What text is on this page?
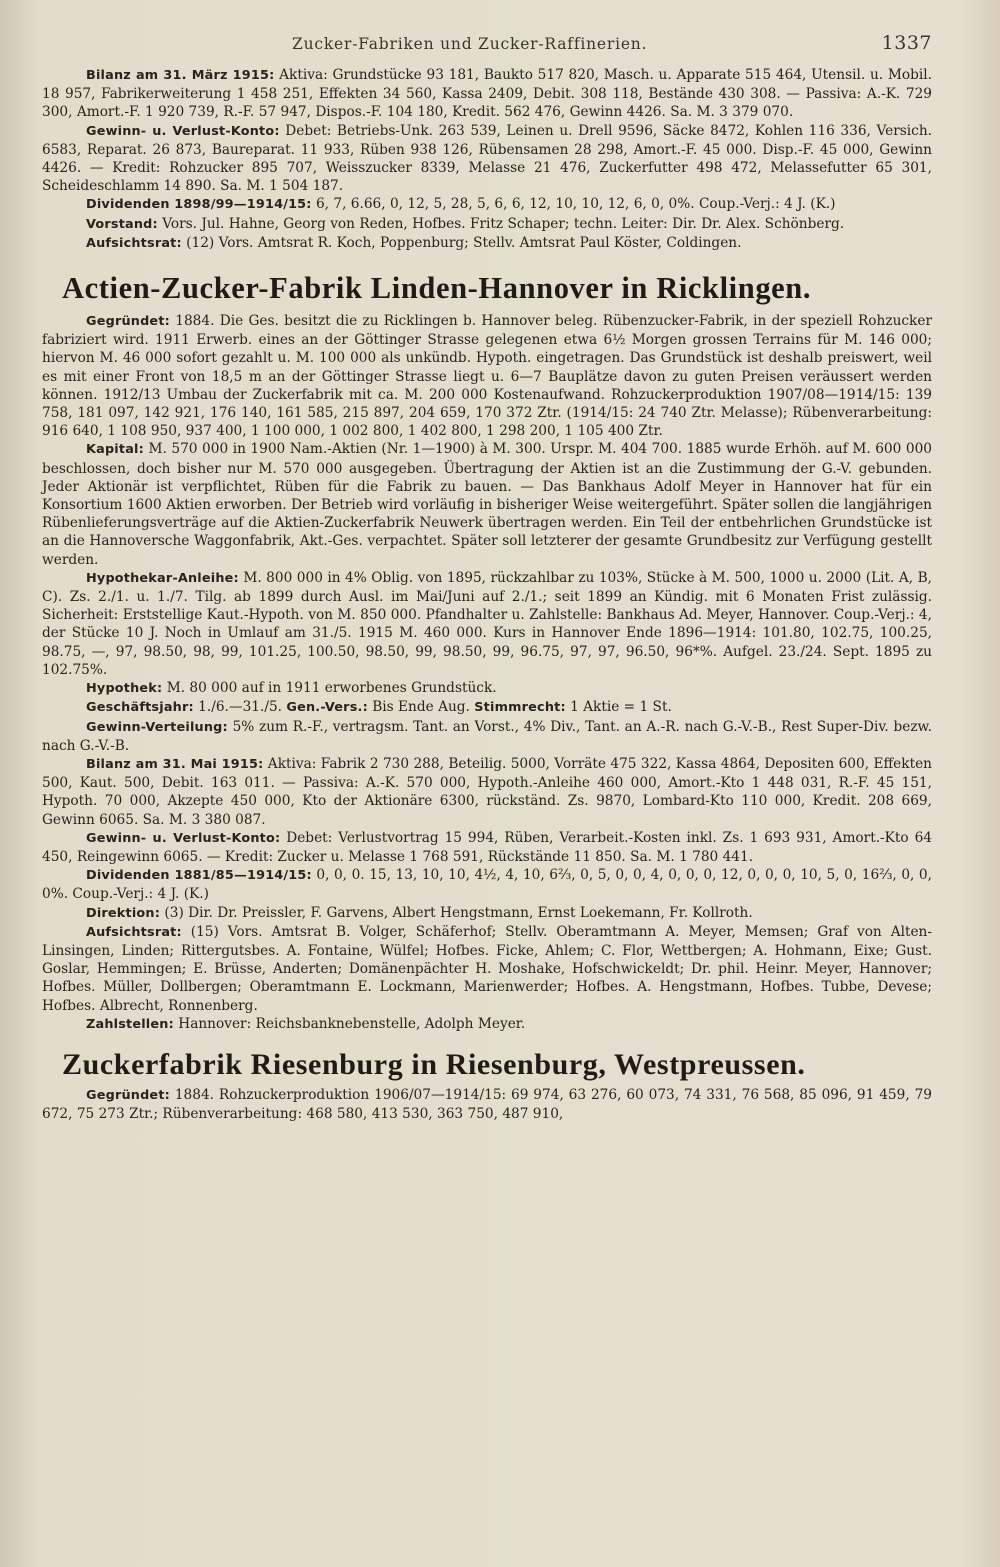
Zucker-Fabriken und Zucker-Raffinerien.	1337

Bilanz am 31. März 1915: Aktiva: Grundstücke 93 181, Baukto 517 820, Masch. u. Apparate 515 464, Utensil. u. Mobil. 18 957, Fabrikerweiterung 1 458 251, Effekten 34 560, Kassa 2409, Debit. 308 118, Bestände 430 308. — Passiva: A.-K. 729 300, Amort.-F. 1 920 739, R.-F. 57 947, Dispos.-F. 104 180, Kredit. 562 476, Gewinn 4426. Sa. M. 3 379 070.

Gewinn- u. Verlust-Konto: Debet: Betriebs-Unk. 263 539, Leinen u. Drell 9596, Säcke 8472, Kohlen 116 336, Versich. 6583, Reparat. 26 873, Baureparat. 11 933, Rüben 938 126, Rübensamen 28 298, Amort.-F. 45 000. Disp.-F. 45 000, Gewinn 4426. — Kredit: Rohzucker 895 707, Weisszucker 8339, Melasse 21 476, Zuckerfutter 498 472, Melassefutter 65 301, Scheideschlamm 14 890. Sa. M. 1 504 187.

Dividenden 1898/99—1914/15: 6, 7, 6.66, 0, 12, 5, 28, 5, 6, 6, 12, 10, 10, 12, 6, 0, 0%. Coup.-Verj.: 4 J. (K.)

Vorstand: Vors. Jul. Hahne, Georg von Reden, Hofbes. Fritz Schaper; techn. Leiter: Dir. Dr. Alex. Schönberg.

Aufsichtsrat: (12) Vors. Amtsrat R. Koch, Poppenburg; Stellv. Amtsrat Paul Köster, Coldingen.

Actien-Zucker-Fabrik Linden-Hannover in Ricklingen.

Gegründet: 1884. Die Ges. besitzt die zu Ricklingen b. Hannover beleg. Rübenzucker-Fabrik, in der speziell Rohzucker fabriziert wird. 1911 Erwerb. eines an der Göttinger Strasse gelegenen etwa 6½ Morgen grossen Terrains für M. 146 000; hiervon M. 46 000 sofort gezahlt u. M. 100 000 als unkündb. Hypoth. eingetragen. Das Grundstück ist deshalb preiswert, weil es mit einer Front von 18,5 m an der Göttinger Strasse liegt u. 6—7 Bauplätze davon zu guten Preisen veräussert werden können. 1912/13 Umbau der Zuckerfabrik mit ca. M. 200 000 Kostenaufwand. Rohzuckerproduktion 1907/08—1914/15: 139 758, 181 097, 142 921, 176 140, 161 585, 215 897, 204 659, 170 372 Ztr. (1914/15: 24 740 Ztr. Melasse); Rübenverarbeitung: 916 640, 1 108 950, 937 400, 1 100 000, 1 002 800, 1 402 800, 1 298 200, 1 105 400 Ztr.

Kapital: M. 570 000 in 1900 Nam.-Aktien (Nr. 1—1900) à M. 300. Urspr. M. 404 700. 1885 wurde Erhöh. auf M. 600 000 beschlossen, doch bisher nur M. 570 000 ausgegeben. Übertragung der Aktien ist an die Zustimmung der G.-V. gebunden. Jeder Aktionär ist verpflichtet, Rüben für die Fabrik zu bauen. — Das Bankhaus Adolf Meyer in Hannover hat für ein Konsortium 1600 Aktien erworben. Der Betrieb wird vorläufig in bisheriger Weise weitergeführt. Später sollen die langjährigen Rübenlieferungsverträge auf die Aktien-Zuckerfabrik Neuwerk übertragen werden. Ein Teil der entbehrlichen Grundstücke ist an die Hannoversche Waggonfabrik, Akt.-Ges. verpachtet. Später soll letzterer der gesamte Grundbesitz zur Verfügung gestellt werden.

Hypothekar-Anleihe: M. 800 000 in 4% Oblig. von 1895, rückzahlbar zu 103%, Stücke à M. 500, 1000 u. 2000 (Lit. A, B, C). Zs. 2./1. u. 1./7. Tilg. ab 1899 durch Ausl. im Mai/Juni auf 2./1.; seit 1899 an Kündig. mit 6 Monaten Frist zulässig. Sicherheit: Erststellige Kaut.-Hypoth. von M. 850 000. Pfandhalter u. Zahlstelle: Bankhaus Ad. Meyer, Hannover. Coup.-Verj.: 4, der Stücke 10 J. Noch in Umlauf am 31./5. 1915 M. 460 000. Kurs in Hannover Ende 1896—1914: 101.80, 102.75, 100.25, 98.75, —, 97, 98.50, 98, 99, 101.25, 100.50, 98.50, 99, 98.50, 99, 96.75, 97, 97, 96.50, 96*%. Aufgel. 23./24. Sept. 1895 zu 102.75%.

Hypothek: M. 80 000 auf in 1911 erworbenes Grundstück.

Geschäftsjahr: 1./6.—31./5. Gen.-Vers.: Bis Ende Aug. Stimmrecht: 1 Aktie = 1 St.

Gewinn-Verteilung: 5% zum R.-F., vertragsm. Tant. an Vorst., 4% Div., Tant. an A.-R. nach G.-V.-B., Rest Super-Div. bezw. nach G.-V.-B.

Bilanz am 31. Mai 1915: Aktiva: Fabrik 2 730 288, Beteilig. 5000, Vorräte 475 322, Kassa 4864, Depositen 600, Effekten 500, Kaut. 500, Debit. 163 011. — Passiva: A.-K. 570 000, Hypoth.-Anleihe 460 000, Amort.-Kto 1 448 031, R.-F. 45 151, Hypoth. 70 000, Akzepte 450 000, Kto der Aktionäre 6300, rückständ. Zs. 9870, Lombard-Kto 110 000, Kredit. 208 669, Gewinn 6065. Sa. M. 3 380 087.

Gewinn- u. Verlust-Konto: Debet: Verlustvortrag 15 994, Rüben, Verarbeit.-Kosten inkl. Zs. 1 693 931, Amort.-Kto 64 450, Reingewinn 6065. — Kredit: Zucker u. Melasse 1 768 591, Rückstände 11 850. Sa. M. 1 780 441.

Dividenden 1881/85—1914/15: 0, 0, 0. 15, 13, 10, 10, 4½, 4, 10, 6⅔, 0, 5, 0, 0, 4, 0, 0, 0, 12, 0, 0, 0, 10, 5, 0, 16⅔, 0, 0, 0%. Coup.-Verj.: 4 J. (K.)

Direktion: (3) Dir. Dr. Preissler, F. Garvens, Albert Hengstmann, Ernst Loekemann, Fr. Kollroth.

Aufsichtsrat: (15) Vors. Amtsrat B. Volger, Schäferhof; Stellv. Oberamtmann A. Meyer, Memsen; Graf von Alten-Linsingen, Linden; Rittergutsbes. A. Fontaine, Wülfel; Hofbes. Ficke, Ahlem; C. Flor, Wettbergen; A. Hohmann, Eixe; Gust. Goslar, Hemmingen; E. Brüsse, Anderten; Domänenpächter H. Moshake, Hofschwickeldt; Dr. phil. Heinr. Meyer, Hannover; Hofbes. Müller, Dollbergen; Oberamtmann E. Lockmann, Marienwerder; Hofbes. A. Hengstmann, Hofbes. Tubbe, Devese; Hofbes. Albrecht, Ronnenberg.

Zahlstellen: Hannover: Reichsbanknebenstelle, Adolph Meyer.

Zuckerfabrik Riesenburg in Riesenburg, Westpreussen.

Gegründet: 1884. Rohzuckerproduktion 1906/07—1914/15: 69 974, 63 276, 60 073, 74 331, 76 568, 85 096, 91 459, 79 672, 75 273 Ztr.; Rübenverarbeitung: 468 580, 413 530, 363 750, 487 910,
